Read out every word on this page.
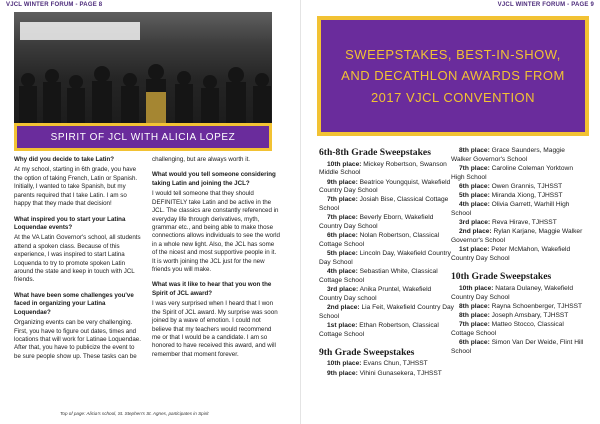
VJCL WINTER FORUM - PAGE 8
SPIRIT OF JCL WITH ALICIA LOPEZ

Why did you decide to take Latin?

At my school, starting in 6th grade, you have the option of taking French, Latin or Spanish. Initially, I wanted to take Spanish, but my parents required that I take Latin. I am so happy that they made that decision!

What inspired you to start your Latina Loquendae events?

At the VA Latin Governor's school, all students attend a spoken class. Because of this experience, I was inspired to start Latina Loquenda to try to promote spoken Latin around the state and keep in touch with JCL friends.

What have been some challenges you've faced in organizing your Latina Loquendae?

Organizing events can be very challenging. First, you have to figure out dates, times and locations that will work for Latinae Loquendae. After that, you have to publicize the event to be sure people show up. These tasks can be

challenging, but are always worth it.

What would you tell someone considering taking Latin and joining the JCL?

I would tell someone that they should DEFINITELY take Latin and be active in the JCL. The classics are constantly referenced in everyday life through derivatives, myth, grammar etc., and being able to make those connections allows individuals to see the world in a whole new light. Also, the JCL has some of the nicest and most supportive people in it. It is worth joining the JCL just for the new friends you will make.

What was it like to hear that you won the Spirit of JCL award?

I was very surprised when I heard that I won the Spirit of JCL award. My surprise was soon joined by a wave of emotion. I could not believe that my teachers would recommend me or that I would be a candidate. I am so honored to have received this award, and will remember that moment forever.

Top of page: Alicia's school, St. Stephen's St. Agnes, participates in Spirit
VJCL WINTER FORUM - PAGE 9
SWEEPSTAKES, BEST-IN-SHOW, AND DECATHLON AWARDS FROM 2017 VJCL CONVENTION
6th-8th Grade Sweepstakes
10th place: Mickey Robertson, Swanson Middle School
9th place: Beatrice Youngquist, Wakefield Country Day School
7th place: Josiah Bise, Classical Cottage School
7th place: Beverly Eborn, Wakefield Country Day School
6th place: Nolan Robertson, Classical Cottage School
5th place: Lincoln Day, Wakefield Country Day School
4th place: Sebastian White, Classical Cottage School
3rd place: Anika Pruntel, Wakefield Country Day school
2nd place: Lia Feit, Wakefield Country Day School
1st place: Ethan Robertson, Classical Cottage School
9th Grade Sweepstakes
10th place: Evans Chun, TJHSST
9th place: Vihini Gunasekera, TJHSST
8th place: Grace Saunders, Maggie Walker Governor's School
7th place: Caroline Coleman Yorktown High School
6th place: Owen Grannis, TJHSST
5th place: Miranda Xiong, TJHSST
4th place: Olivia Garrett, Warhill High School
3rd place: Reva Hirave, TJHSST
2nd place: Rylan Karjane, Maggie Walker Governor's School
1st place: Peter McMahon, Wakefield Country Day School
10th Grade Sweepstakes
10th place: Natara Dulaney, Wakefield Country Day School
8th place: Rayna Schoenberger, TJHSST
8th place: Joseph Amsbary, TJHSST
7th place: Matteo Stocco, Classical Cottage School
6th place: Simon Van Der Weide, Flint Hill School
